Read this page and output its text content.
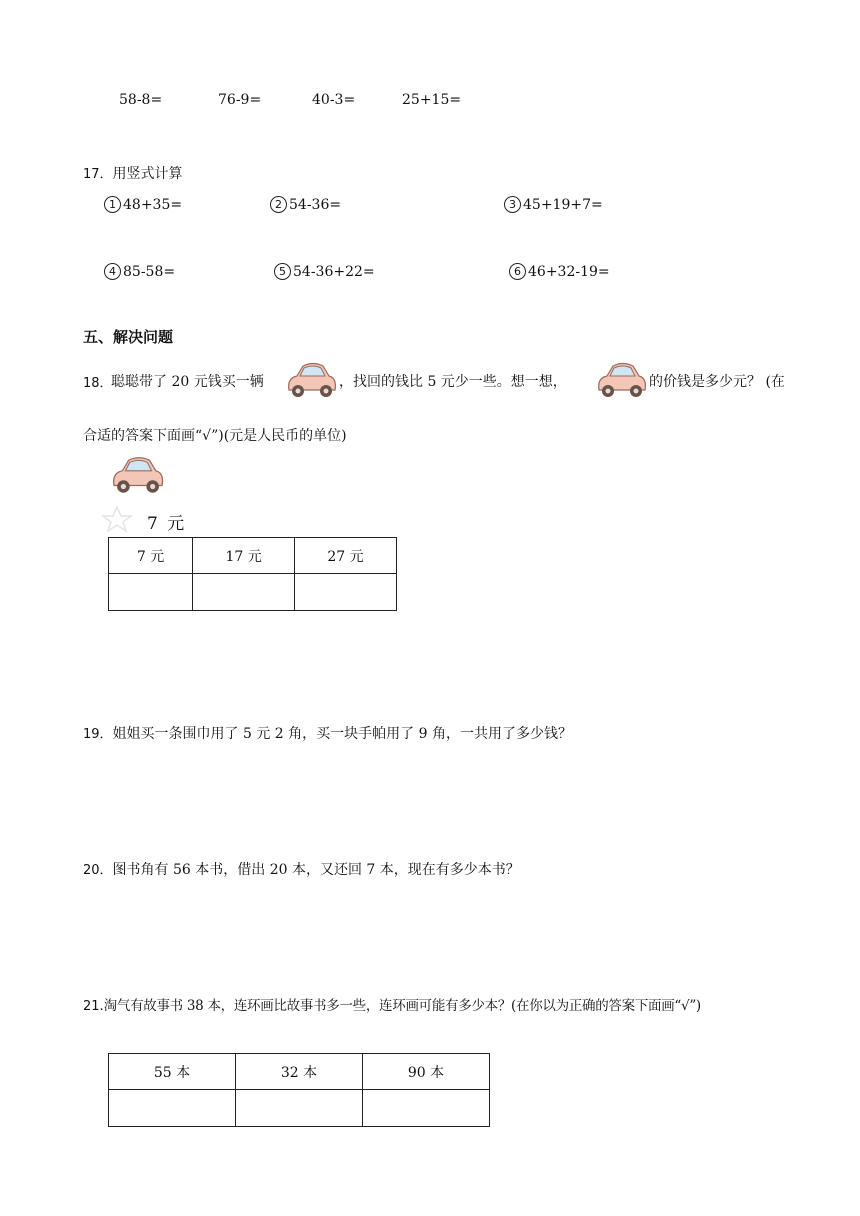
58-8=	76-9=	40-3=	25+15=
17．用竖式计算
1 48+35=	2 54-36=	3 45+19+7=
4 85-58=	5 54-36+22=	6 46+32-19=
五、解决问题
18．
聪聪带了 20 元钱买一辆	，找回的钱比 5 元少一些。想一想，	的价钱是多少元？ (在
合适的答案下面画“√”)(元是人民币的单位)
7 元
7 元	17 元	27 元

19．姐姐买一条围巾用了 5 元 2 角，买一块手帕用了 9 角，一共用了多少钱？
20．图书角有 56 本书，借出 20 本，又还回 7 本，现在有多少本书？
21.淘气有故事书 38 本，连环画比故事书多一些，连环画可能有多少本？(在你以为正确的答案下面画“√”)
55 本	32 本	90 本
